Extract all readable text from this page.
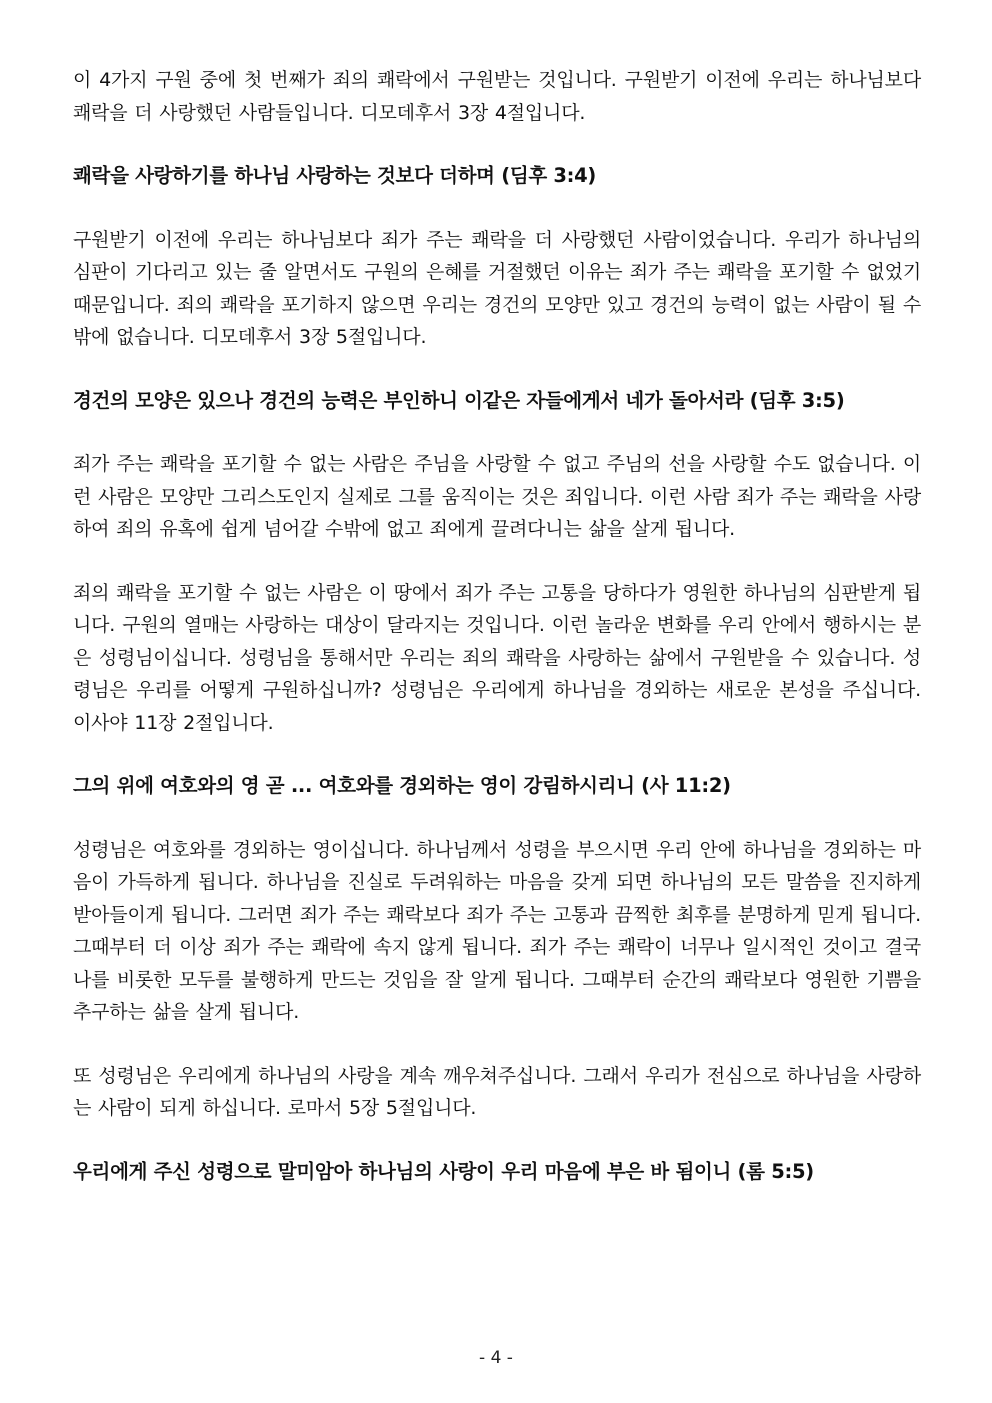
이 4가지 구원 중에 첫 번째가 죄의 쾌락에서 구원받는 것입니다. 구원받기 이전에 우리는 하나님보다 쾌락을 더 사랑했던 사람들입니다. 디모데후서 3장 4절입니다.

쾌락을 사랑하기를 하나님 사랑하는 것보다 더하며 (딤후 3:4)

구원받기 이전에 우리는 하나님보다 죄가 주는 쾌락을 더 사랑했던 사람이었습니다. 우리가 하나님의 심판이 기다리고 있는 줄 알면서도 구원의 은혜를 거절했던 이유는 죄가 주는 쾌락을 포기할 수 없었기 때문입니다. 죄의 쾌락을 포기하지 않으면 우리는 경건의 모양만 있고 경건의 능력이 없는 사람이 될 수밖에 없습니다. 디모데후서 3장 5절입니다.

경건의 모양은 있으나 경건의 능력은 부인하니 이같은 자들에게서 네가 돌아서라 (딤후 3:5)

죄가 주는 쾌락을 포기할 수 없는 사람은 주님을 사랑할 수 없고 주님의 선을 사랑할 수도 없습니다. 이런 사람은 모양만 그리스도인지 실제로 그를 움직이는 것은 죄입니다. 이런 사람 죄가 주는 쾌락을 사랑하여 죄의 유혹에 쉽게 넘어갈 수밖에 없고 죄에게 끌려다니는 삶을 살게 됩니다.

죄의 쾌락을 포기할 수 없는 사람은 이 땅에서 죄가 주는 고통을 당하다가 영원한 하나님의 심판받게 됩니다. 구원의 열매는 사랑하는 대상이 달라지는 것입니다. 이런 놀라운 변화를 우리 안에서 행하시는 분은 성령님이십니다. 성령님을 통해서만 우리는 죄의 쾌락을 사랑하는 삶에서 구원받을 수 있습니다. 성령님은 우리를 어떻게 구원하십니까? 성령님은 우리에게 하나님을 경외하는 새로운 본성을 주십니다. 이사야 11장 2절입니다.

그의 위에 여호와의 영 곧 ... 여호와를 경외하는 영이 강림하시리니 (사 11:2)

성령님은 여호와를 경외하는 영이십니다. 하나님께서 성령을 부으시면 우리 안에 하나님을 경외하는 마음이 가득하게 됩니다. 하나님을 진실로 두려워하는 마음을 갖게 되면 하나님의 모든 말씀을 진지하게 받아들이게 됩니다. 그러면 죄가 주는 쾌락보다 죄가 주는 고통과 끔찍한 최후를 분명하게 믿게 됩니다. 그때부터 더 이상 죄가 주는 쾌락에 속지 않게 됩니다. 죄가 주는 쾌락이 너무나 일시적인 것이고 결국 나를 비롯한 모두를 불행하게 만드는 것임을 잘 알게 됩니다. 그때부터 순간의 쾌락보다 영원한 기쁨을 추구하는 삶을 살게 됩니다.

또 성령님은 우리에게 하나님의 사랑을 계속 깨우쳐주십니다. 그래서 우리가 전심으로 하나님을 사랑하는 사람이 되게 하십니다. 로마서 5장 5절입니다.

우리에게 주신 성령으로 말미암아 하나님의 사랑이 우리 마음에 부은 바 됨이니 (롬 5:5)

- 4 -
